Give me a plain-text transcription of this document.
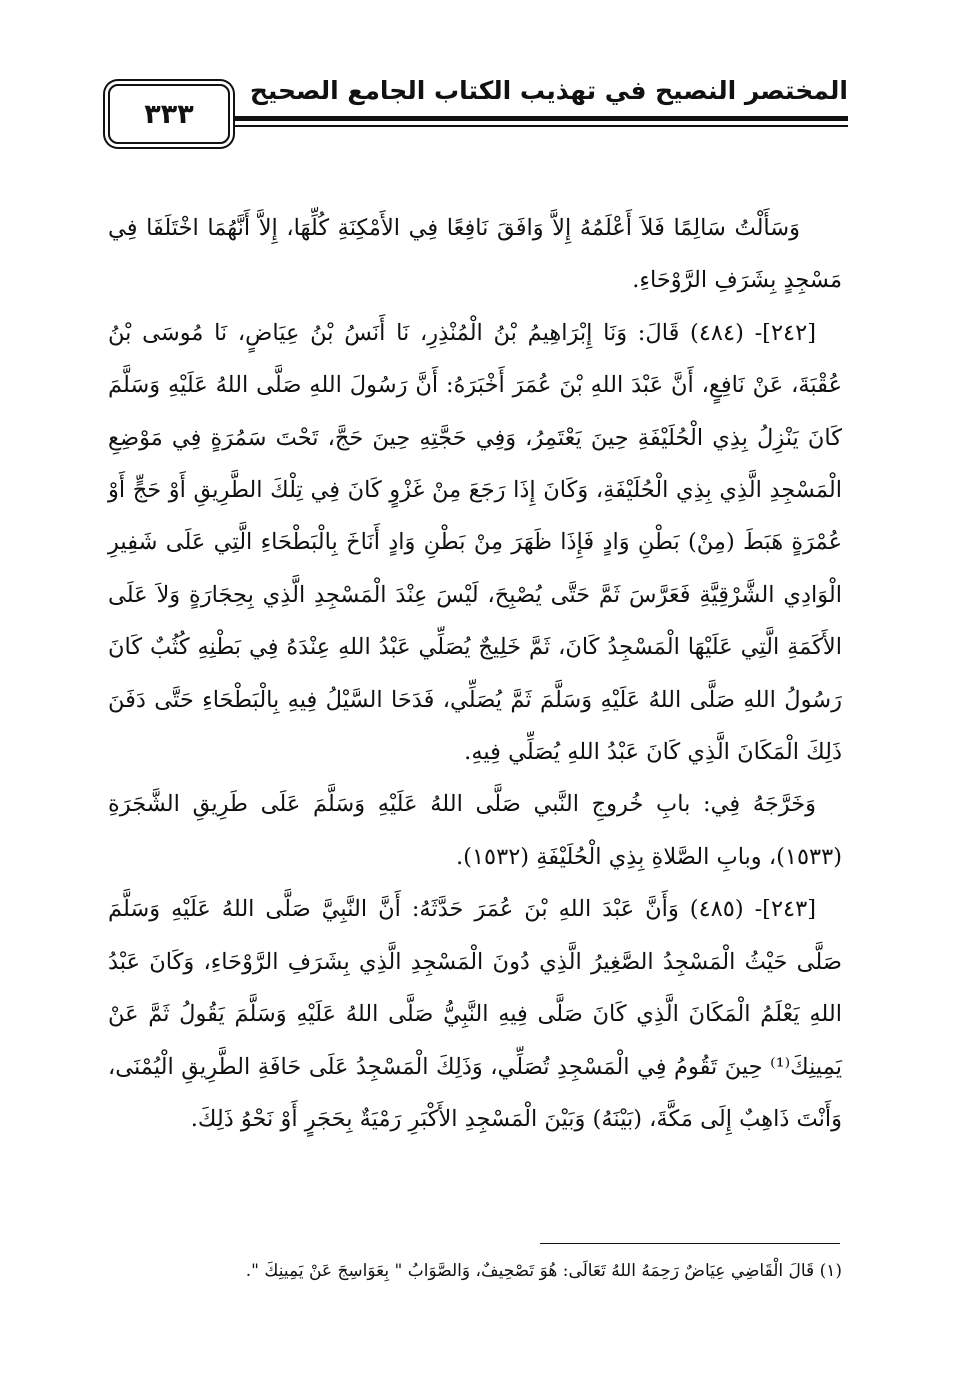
المختصر النصيح في تهذيب الكتاب الجامع الصحيح
٣٣٣

وَسَأَلْتُ سَالِمًا فَلاَ أَعْلَمُهُ إِلاَّ وَافَقَ نَافِعًا فِي الأَمْكِنَةِ كُلِّهَا، إِلاَّ أَنَّهُمَا اخْتَلَفَا فِي مَسْجِدٍ بِشَرَفِ الرَّوْحَاءِ.

[٢٤٢]- (٤٨٤) قَالَ: وَنَا إِبْرَاهِيمُ بْنُ الْمُنْذِرِ، نَا أَنَسُ بْنُ عِيَاضٍ، نَا مُوسَى بْنُ عُقْبَةَ، عَنْ نَافِعٍ، أَنَّ عَبْدَ اللهِ بْنَ عُمَرَ أَخْبَرَهُ: أَنَّ رَسُولَ اللهِ صَلَّى اللهُ عَلَيْهِ وَسَلَّمَ كَانَ يَنْزِلُ بِذِي الْحُلَيْفَةِ حِينَ يَعْتَمِرُ، وَفِي حَجَّتِهِ حِينَ حَجَّ، تَحْتَ سَمُرَةٍ فِي مَوْضِعِ الْمَسْجِدِ الَّذِي بِذِي الْحُلَيْفَةِ، وَكَانَ إِذَا رَجَعَ مِنْ غَزْوٍ كَانَ فِي تِلْكَ الطَّرِيقِ أَوْ حَجٍّ أَوْ عُمْرَةٍ هَبَطَ (مِنْ) بَطْنِ وَادٍ فَإِذَا ظَهَرَ مِنْ بَطْنِ وَادٍ أَنَاخَ بِالْبَطْحَاءِ الَّتِي عَلَى شَفِيرِ الْوَادِي الشَّرْقِيَّةِ فَعَرَّسَ ثَمَّ حَتَّى يُصْبِحَ، لَيْسَ عِنْدَ الْمَسْجِدِ الَّذِي بِحِجَارَةٍ وَلاَ عَلَى الأَكَمَةِ الَّتِي عَلَيْهَا الْمَسْجِدُ كَانَ، ثَمَّ خَلِيجٌ يُصَلِّي عَبْدُ اللهِ عِنْدَهُ فِي بَطْنِهِ كُثُبٌ كَانَ رَسُولُ اللهِ صَلَّى اللهُ عَلَيْهِ وَسَلَّمَ ثَمَّ يُصَلِّي، فَدَحَا السَّيْلُ فِيهِ بِالْبَطْحَاءِ حَتَّى دَفَنَ ذَلِكَ الْمَكَانَ الَّذِي كَانَ عَبْدُ اللهِ يُصَلِّي فِيهِ.

وَخَرَّجَهُ فِي: بابِ خُروجِ النَّبي صَلَّى اللهُ عَلَيْهِ وَسَلَّمَ عَلَى طَرِيقِ الشَّجَرَةِ (١٥٣٣)، وبابِ الصَّلاةِ بِذِي الْحُلَيْفَةِ (١٥٣٢).

[٢٤٣]- (٤٨٥) وَأَنَّ عَبْدَ اللهِ بْنَ عُمَرَ حَدَّثَهُ: أَنَّ النَّبِيَّ صَلَّى اللهُ عَلَيْهِ وَسَلَّمَ صَلَّى حَيْثُ الْمَسْجِدُ الصَّغِيرُ الَّذِي دُونَ الْمَسْجِدِ الَّذِي بِشَرَفِ الرَّوْحَاءِ، وَكَانَ عَبْدُ اللهِ يَعْلَمُ الْمَكَانَ الَّذِي كَانَ صَلَّى فِيهِ النَّبِيُّ صَلَّى اللهُ عَلَيْهِ وَسَلَّمَ يَقُولُ ثَمَّ عَنْ يَمِينِكَ⁽¹⁾ حِينَ تَقُومُ فِي الْمَسْجِدِ تُصَلِّي، وَذَلِكَ الْمَسْجِدُ عَلَى حَافَةِ الطَّرِيقِ الْيُمْنَى، وَأَنْتَ ذَاهِبٌ إِلَى مَكَّةَ، (بَيْنَهُ) وَبَيْنَ الْمَسْجِدِ الأَكْبَرِ رَمْيَةٌ بِحَجَرٍ أَوْ نَحْوُ ذَلِكَ.

(١) قَالَ الْقَاضِي عِيَاضٌ رَحِمَهُ اللهُ تَعَالَى: هُوَ تَصْحِيفٌ، وَالصَّوَابُ " بِعَوَاسِجَ عَنْ يَمِينِكَ ".
